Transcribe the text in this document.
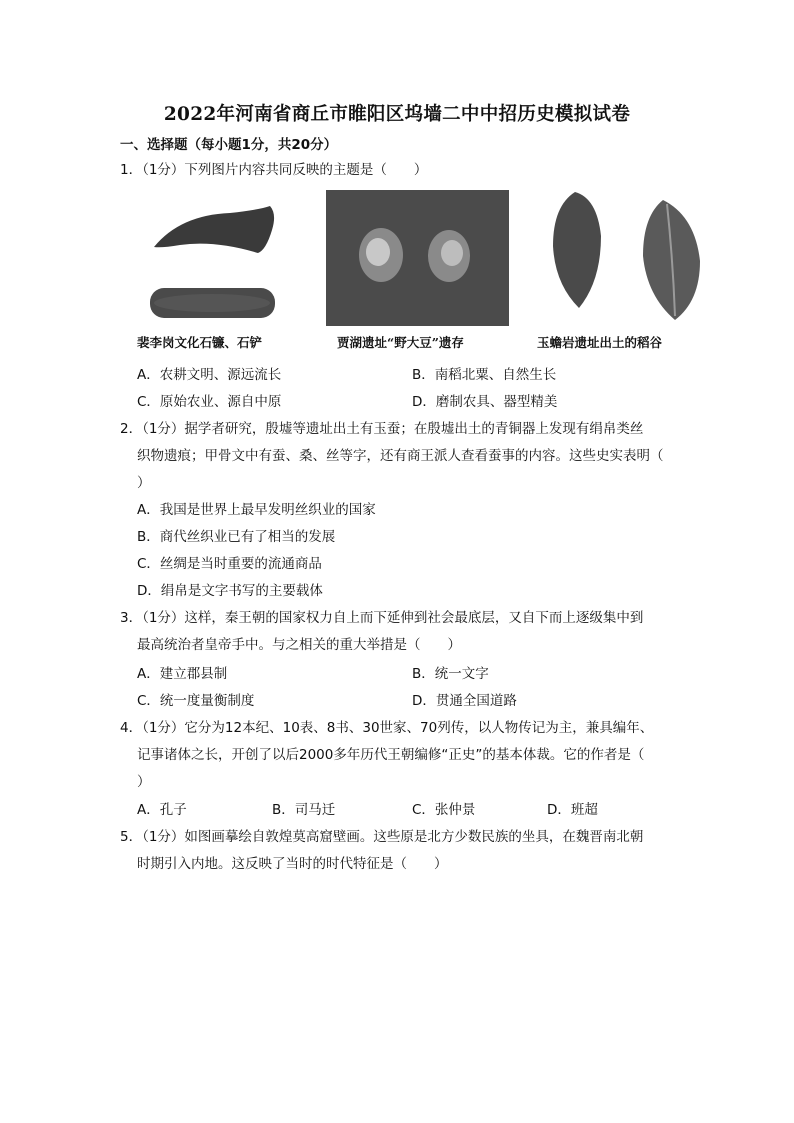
2022年河南省商丘市睢阳区坞墙二中中招历史模拟试卷
一、选择题（每小题1分，共20分）
1．（1分）下列图片内容共同反映的主题是（　　）
裴李岗文化石镰、石铲	贾湖遗址“野大豆”遗存	玉蟾岩遗址出土的稻谷
A．农耕文明、源远流长	B．南稻北粟、自然生长
C．原始农业、源自中原	D．磨制农具、器型精美
2．（1分）据学者研究，殷墟等遗址出土有玉蚕；在殷墟出土的青铜器上发现有绢帛类丝
织物遗痕；甲骨文中有蚕、桑、丝等字，还有商王派人查看蚕事的内容。这些史实表明（
）
A．我国是世界上最早发明丝织业的国家
B．商代丝织业已有了相当的发展
C．丝绸是当时重要的流通商品
D．绢帛是文字书写的主要载体
3．（1分）这样，秦王朝的国家权力自上而下延伸到社会最底层，又自下而上逐级集中到
最高统治者皇帝手中。与之相关的重大举措是（　　）
A．建立郡县制	B．统一文字
C．统一度量衡制度	D．贯通全国道路
4．（1分）它分为12本纪、10表、8书、30世家、70列传，以人物传记为主，兼具编年、
记事诸体之长，开创了以后2000多年历代王朝编修“正史”的基本体裁。它的作者是（
）
A．孔子	B．司马迁	C．张仲景	D．班超
5．（1分）如图画摹绘自敦煌莫高窟壁画。这些原是北方少数民族的坐具，在魏晋南北朝
时期引入内地。这反映了当时的时代特征是（　　）
